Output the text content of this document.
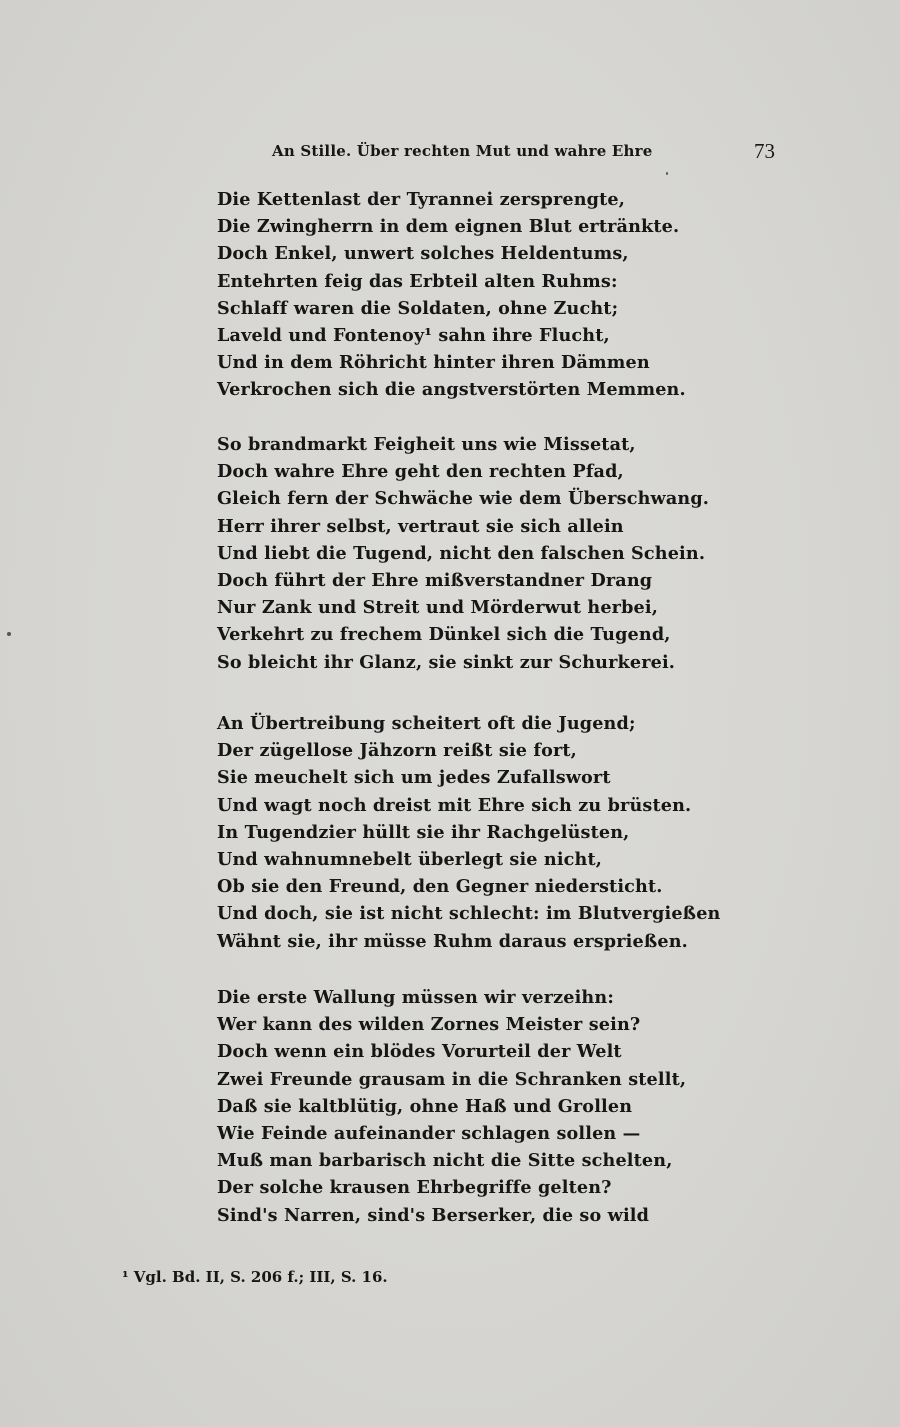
An Stille. Über rechten Mut und wahre Ehre	73
Die Kettenlast der Tyrannei zersprengte,
Die Zwingherrn in dem eignen Blut ertränkte.
Doch Enkel, unwert solches Heldentums,
Entehrten feig das Erbteil alten Ruhms:
Schlaff waren die Soldaten, ohne Zucht;
Laveld und Fontenoy¹ sahn ihre Flucht,
Und in dem Röhricht hinter ihren Dämmen
Verkrochen sich die angstverstörten Memmen.
So brandmarkt Feigheit uns wie Missetat,
Doch wahre Ehre geht den rechten Pfad,
Gleich fern der Schwäche wie dem Überschwang.
Herr ihrer selbst, vertraut sie sich allein
Und liebt die Tugend, nicht den falschen Schein.
Doch führt der Ehre mißverstandner Drang
Nur Zank und Streit und Mörderwut herbei,
Verkehrt zu frechem Dünkel sich die Tugend,
So bleicht ihr Glanz, sie sinkt zur Schurkerei.
An Übertreibung scheitert oft die Jugend;
Der zügellose Jähzorn reißt sie fort,
Sie meuchelt sich um jedes Zufallswort
Und wagt noch dreist mit Ehre sich zu brüsten.
In Tugendzier hüllt sie ihr Rachgelüsten,
Und wahnumnebelt überlegt sie nicht,
Ob sie den Freund, den Gegner niedersticht.
Und doch, sie ist nicht schlecht: im Blutvergießen
Wähnt sie, ihr müsse Ruhm daraus ersprießen.
Die erste Wallung müssen wir verzeihn:
Wer kann des wilden Zornes Meister sein?
Doch wenn ein blödes Vorurteil der Welt
Zwei Freunde grausam in die Schranken stellt,
Daß sie kaltblütig, ohne Haß und Grollen
Wie Feinde aufeinander schlagen sollen —
Muß man barbarisch nicht die Sitte schelten,
Der solche krausen Ehrbegriffe gelten?
Sind's Narren, sind's Berserker, die so wild
¹ Vgl. Bd. II, S. 206 f.; III, S. 16.
